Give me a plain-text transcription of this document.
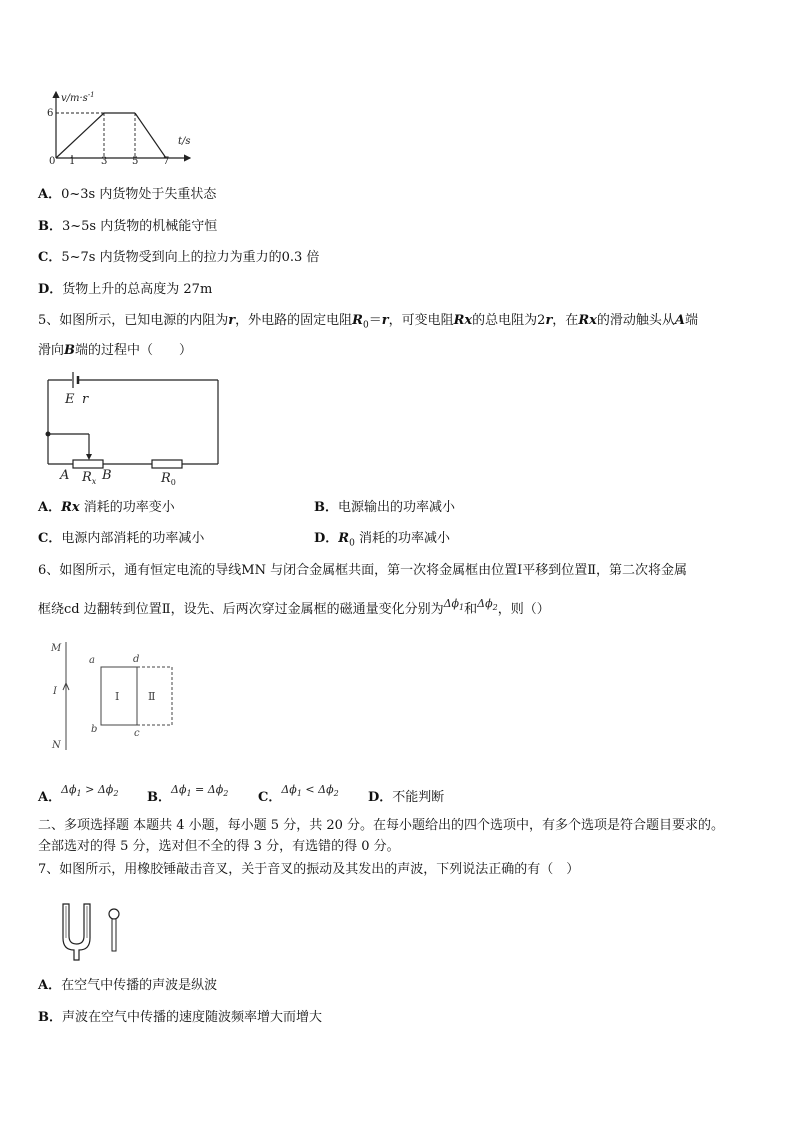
$v/m\cdot s^{-1}$
t/s
6
0 1	3 5 7
A．0~3s 内货物处于失重状态
B．3~5s 内货物的机械能守恒
C．5~7s 内货物受到向上的拉力为重力的0.3 倍
D．货物上升的总高度为 27m
5、如图所示，已知电源的内阻为r，外电路的固定电阻$R_0=r$，可变电阻Rx的总电阻为2r，在Rx的滑动触头从A端
滑向B端的过程中（　　）
E r
A $R_x$ B	$R_0$
A．Rx 消耗的功率变小	B．电源输出的功率减小
C．电源内部消耗的功率减小	D．$R_0$ 消耗的功率减小
6、如图所示，通有恒定电流的导线MN 与闭合金属框共面，第一次将金属框由位置Ⅰ平移到位置Ⅱ，第二次将金属
框绕cd 边翻转到位置Ⅱ，设先、后两次穿过金属框的磁通量变化分别为$^{\Delta\phi_1}$和$^{\Delta\phi_2}$，则（）
M
I
N
a	d
b	c
Ⅰ	Ⅱ
A．$^{\Delta\phi_1 > \Delta\phi_2}$ B．$^{\Delta\phi_1 = \Delta\phi_2}$ C．$^{\Delta\phi_1 < \Delta\phi_2}$ D．不能判断
二、多项选择题 本题共 4 小题，每小题 5 分，共 20 分。在每小题给出的四个选项中，有多个选项是符合题目要求的。
全部选对的得 5 分，选对但不全的得 3 分，有选错的得 0 分。
7、如图所示，用橡胶锤敲击音叉，关于音叉的振动及其发出的声波，下列说法正确的有（　）
A．在空气中传播的声波是纵波
B．声波在空气中传播的速度随波频率增大而增大
